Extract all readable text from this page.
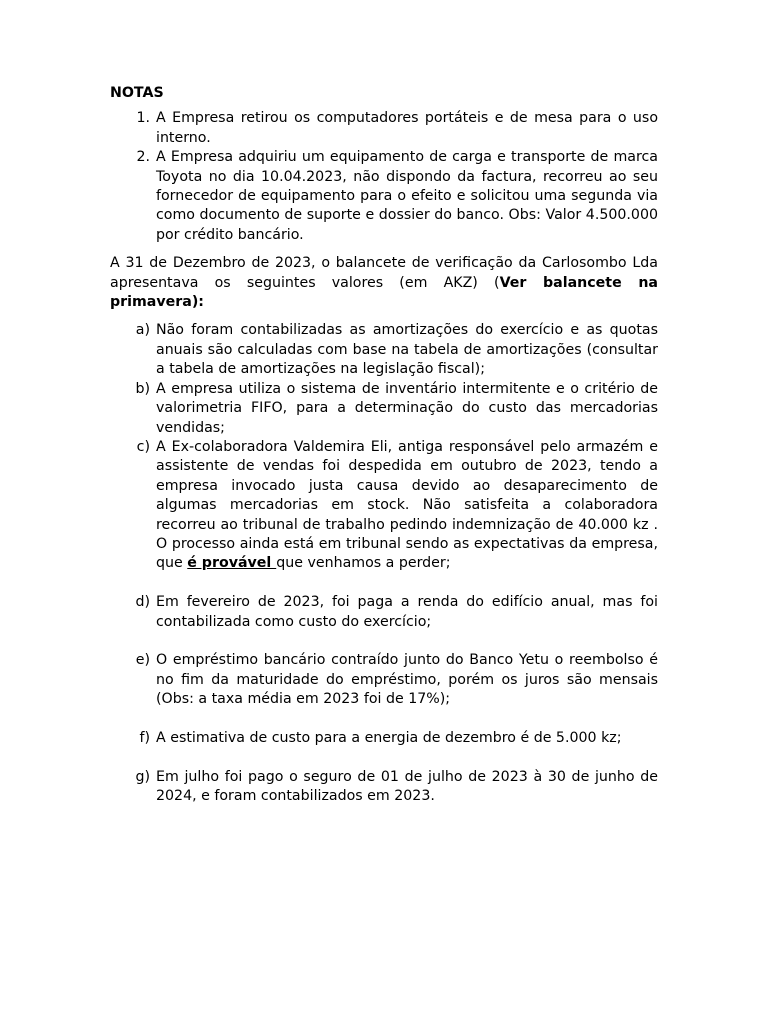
NOTAS
1. A Empresa retirou os computadores portáteis e de mesa para o uso interno.
2. A Empresa adquiriu um equipamento de carga e transporte de marca Toyota no dia 10.04.2023, não dispondo da factura, recorreu ao seu fornecedor de equipamento para o efeito e solicitou uma segunda via como documento de suporte e dossier do banco. Obs: Valor 4.500.000 por crédito bancário.
A 31 de Dezembro de 2023, o balancete de verificação da Carlosombo Lda apresentava os seguintes valores (em AKZ) (Ver balancete na primavera):
a) Não foram contabilizadas as amortizações do exercício e as quotas anuais são calculadas com base na tabela de amortizações (consultar a tabela de amortizações na legislação fiscal);
b) A empresa utiliza o sistema de inventário intermitente e o critério de valorimetria FIFO, para a determinação do custo das mercadorias vendidas;
c) A Ex-colaboradora Valdemira Eli, antiga responsável pelo armazém e assistente de vendas foi despedida em outubro de 2023, tendo a empresa invocado justa causa devido ao desaparecimento de algumas mercadorias em stock. Não satisfeita a colaboradora recorreu ao tribunal de trabalho pedindo indemnização de 40.000 kz . O processo ainda está em tribunal sendo as expectativas da empresa, que é provável que venhamos a perder;
d) Em fevereiro de 2023, foi paga a renda do edifício anual, mas foi contabilizada como custo do exercício;
e) O empréstimo bancário contraído junto do Banco Yetu o reembolso é no fim da maturidade do empréstimo, porém os juros são mensais (Obs: a taxa média em 2023 foi de 17%);
f) A estimativa de custo para a energia de dezembro é de 5.000 kz;
g) Em julho foi pago o seguro de 01 de julho de 2023 à 30 de junho de 2024, e foram contabilizados em 2023.
